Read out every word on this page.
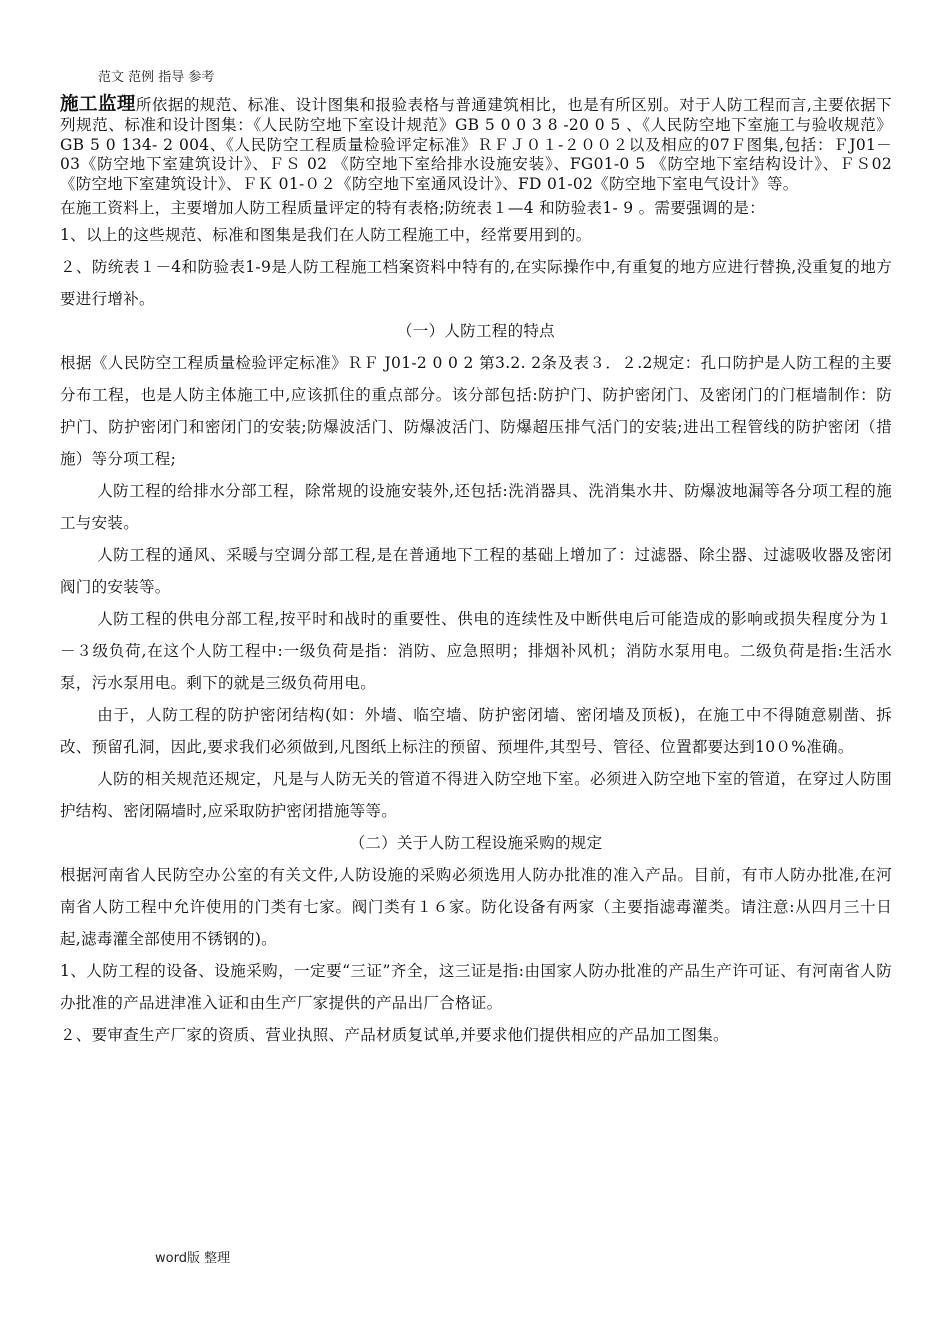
范文 范例 指导 参考

施工监理所依据的规范、标准、设计图集和报验表格与普通建筑相比，也是有所区别。对于人防工程而言,主要依据下列规范、标准和设计图集：《人民防空地下室设计规范》GB 5 0 0 3 8 -20 0 5 、《人民防空地下室施工与验收规范》GB 5 0 134- 2 004、《人民防空工程质量检验评定标准》ＲＦＪ０１-２００２以及相应的07Ｆ图集,包括：ＦJ01－03《防空地下室建筑设计》、ＦＳ 02 《防空地下室给排水设施安装》、FG01-0 5 《防空地下室结构设计》、ＦＳ02《防空地下室建筑设计》、ＦＫ 01-０２《防空地下室通风设计》、FD 01-02《防空地下室电气设计》等。

在施工资料上，主要增加人防工程质量评定的特有表格;防统表１—4 和防验表1- 9 。需要强调的是：

1、以上的这些规范、标准和图集是我们在人防工程施工中，经常要用到的。

２、防统表１－4和防验表1-9是人防工程施工档案资料中特有的,在实际操作中,有重复的地方应进行替换,没重复的地方要进行增补。

（一）人防工程的特点

根据《人民防空工程质量检验评定标准》ＲＦ J01-2 0 0 2 第3.2. 2条及表３．２.2规定：孔口防护是人防工程的主要分布工程，也是人防主体施工中,应该抓住的重点部分。该分部包括:防护门、防护密闭门、及密闭门的门框墙制作：防护门、防护密闭门和密闭门的安装;防爆波活门、防爆波活门、防爆超压排气活门的安装;进出工程管线的防护密闭（措施）等分项工程;

人防工程的给排水分部工程，除常规的设施安装外,还包括:洗消器具、洗消集水井、防爆波地漏等各分项工程的施工与安装。

人防工程的通风、采暖与空调分部工程,是在普通地下工程的基础上增加了：过滤器、除尘器、过滤吸收器及密闭阀门的安装等。

人防工程的供电分部工程,按平时和战时的重要性、供电的连续性及中断供电后可能造成的影响或损失程度分为１－３级负荷,在这个人防工程中:一级负荷是指：消防、应急照明；排烟补风机；消防水泵用电。二级负荷是指:生活水泵，污水泵用电。剩下的就是三级负荷用电。

由于，人防工程的防护密闭结构(如：外墙、临空墙、防护密闭墙、密闭墙及顶板)，在施工中不得随意剔凿、拆改、预留孔洞，因此,要求我们必须做到,凡图纸上标注的预留、预埋件,其型号、管径、位置都要达到10０%准确。

人防的相关规范还规定，凡是与人防无关的管道不得进入防空地下室。必须进入防空地下室的管道，在穿过人防围护结构、密闭隔墙时,应采取防护密闭措施等等。

（二）关于人防工程设施采购的规定

根据河南省人民防空办公室的有关文件,人防设施的采购必须选用人防办批准的准入产品。目前，有市人防办批准,在河南省人防工程中允许使用的门类有七家。阀门类有１６家。防化设备有两家（主要指滤毒灌类。请注意:从四月三十日起,滤毒灌全部使用不锈钢的)。

1、人防工程的设备、设施采购，一定要“三证”齐全，这三证是指:由国家人防办批准的产品生产许可证、有河南省人防办批准的产品进津准入证和由生产厂家提供的产品出厂合格证。

２、要审查生产厂家的资质、营业执照、产品材质复试单,并要求他们提供相应的产品加工图集。

word版 整理
